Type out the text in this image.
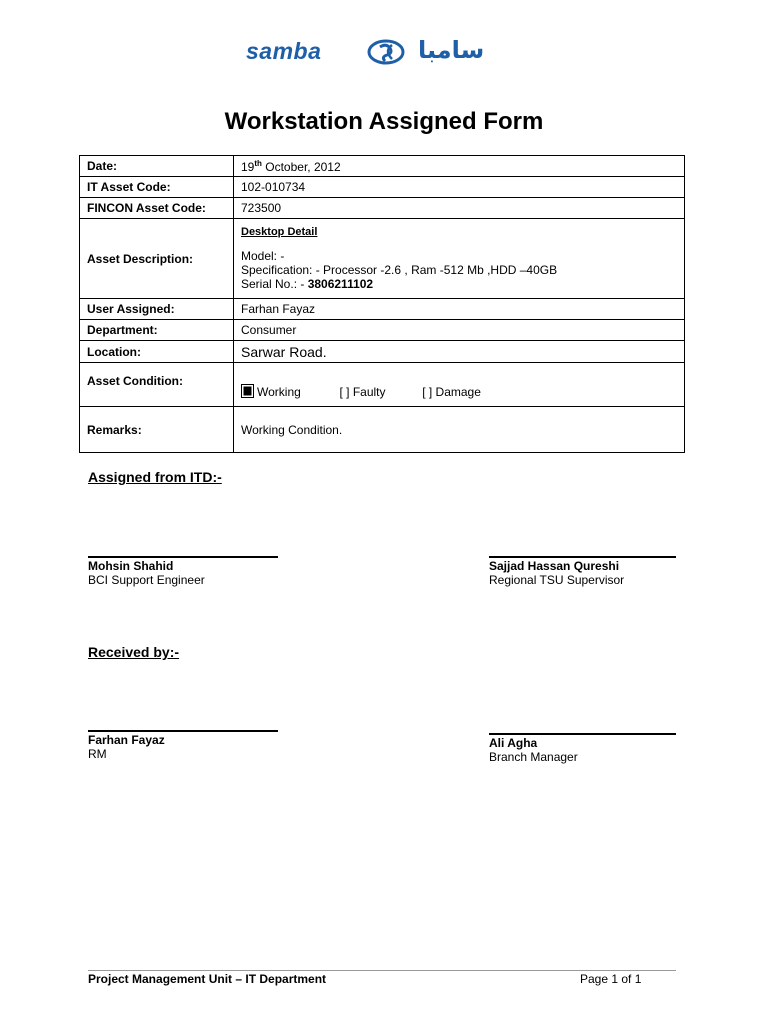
samba	سامبا
Workstation Assigned Form
Date:	19th October, 2012
IT Asset Code:	102-010734
FINCON Asset Code:	723500
Asset Description:	Desktop Detail
Model: -
Specification: - Processor -2.6 , Ram -512 Mb ,HDD –40GB
Serial No.: - 3806211102

User Assigned:	Farhan Fayaz
Department:	Consumer
Location:	Sarwar Road.
Asset Condition:	Working [ ] Faulty [ ] Damage
Remarks:	Working Condition.
Assigned from ITD:-
Mohsin Shahid
BCI Support Engineer
Sajjad Hassan Qureshi
Regional TSU Supervisor
Received by:-
Farhan Fayaz
RM
Ali Agha
Branch Manager
Project Management Unit – IT Department	Page 1 of 1
